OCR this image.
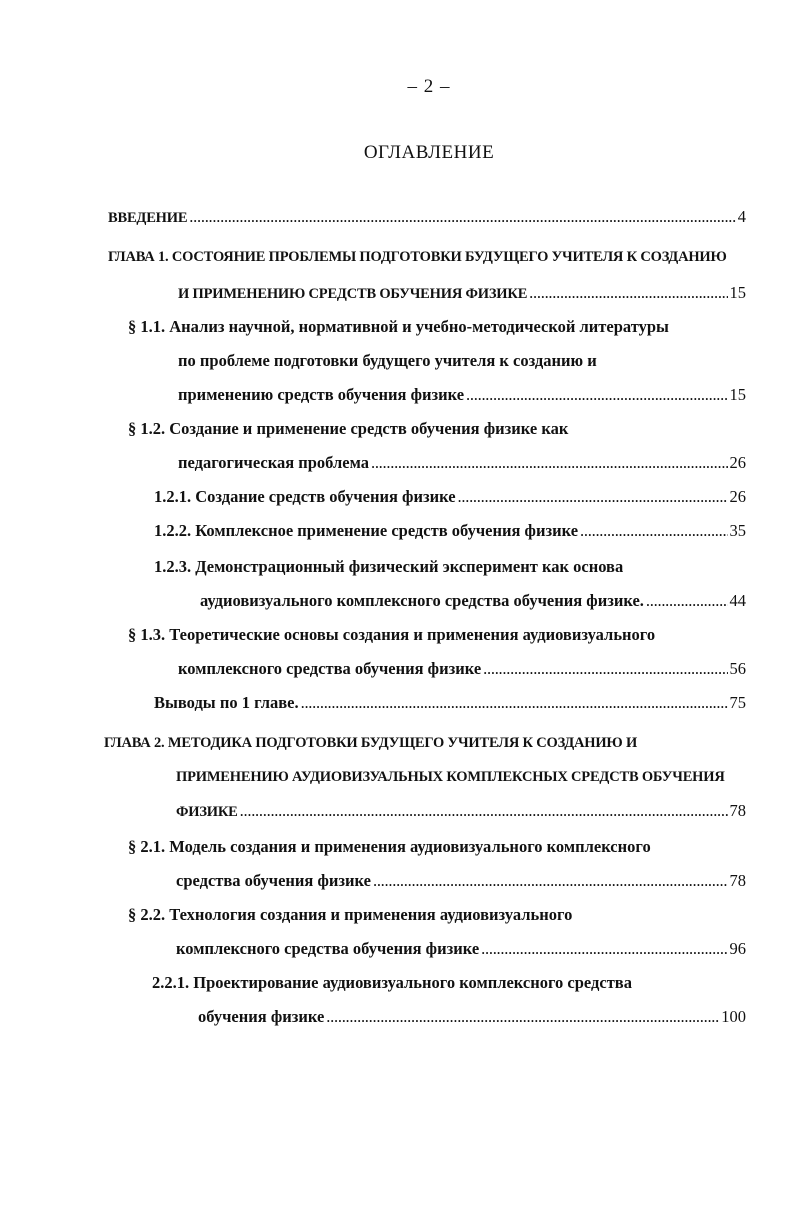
– 2 –
ОГЛАВЛЕНИЕ
ВВЕДЕНИЕ . . .	4
ГЛАВА 1. СОСТОЯНИЕ ПРОБЛЕМЫ ПОДГОТОВКИ БУДУЩЕГО УЧИТЕЛЯ К СОЗДАНИЮ
И ПРИМЕНЕНИЮ СРЕДСТВ ОБУЧЕНИЯ ФИЗИКЕ . . .	15
§ 1.1. Анализ научной, нормативной и учебно-методической литературы
по проблеме подготовки будущего учителя к созданию и
применению средств обучения физике . . .	15
§ 1.2. Создание и применение средств обучения физике как
педагогическая проблема . . .	26
1.2.1. Создание средств обучения физике . . .	26
1.2.2. Комплексное применение средств обучения физике . . .	35
1.2.3. Демонстрационный физический эксперимент как основа
аудиовизуального комплексного средства обучения физике. . . .	44
§ 1.3. Теоретические основы создания и применения аудиовизуального
комплексного средства обучения физике . . .	56
Выводы по 1 главе. . . .	75
ГЛАВА 2. МЕТОДИКА ПОДГОТОВКИ БУДУЩЕГО УЧИТЕЛЯ К СОЗДАНИЮ И
ПРИМЕНЕНИЮ АУДИОВИЗУАЛЬНЫХ КОМПЛЕКСНЫХ СРЕДСТВ ОБУЧЕНИЯ
ФИЗИКЕ . . .	78
§ 2.1. Модель создания и применения аудиовизуального комплексного
средства обучения физике . . .	78
§ 2.2. Технология создания и применения аудиовизуального
комплексного средства обучения физике . . .	96
2.2.1. Проектирование аудиовизуального комплексного средства
обучения физике . . .	100
